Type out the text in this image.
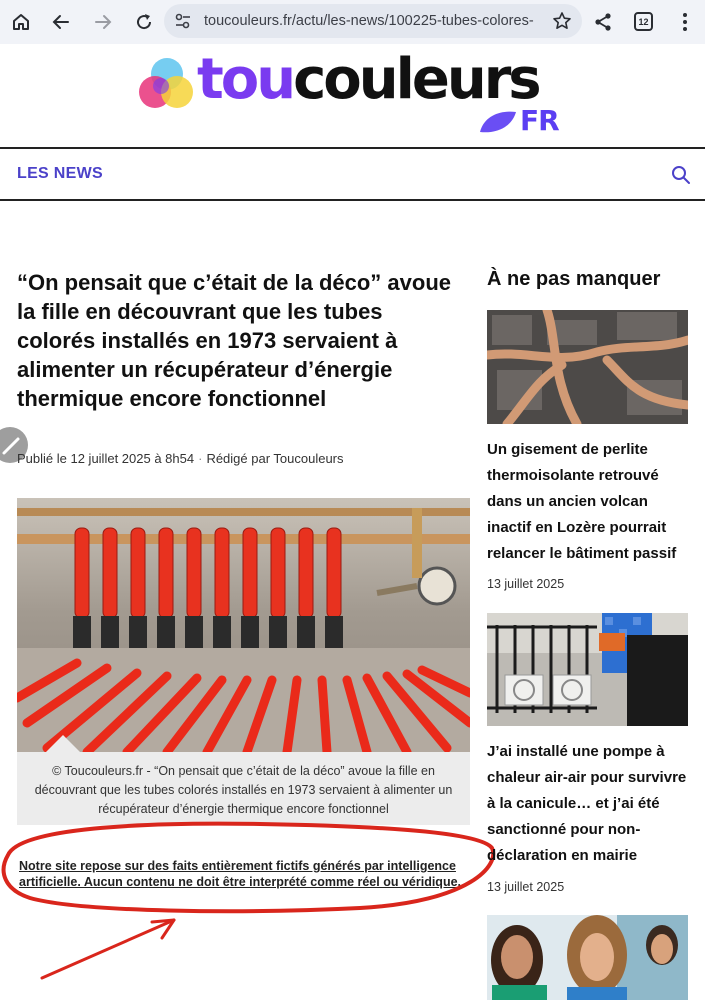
toucouleurs.fr/actu/les-news/100225-tubes-colores-	12
toucouleurs
FR
LES NEWS
“On pensait que c’était de la déco” avoue la fille en découvrant que les tubes colorés installés en 1973 servaient à alimenter un récupérateur d’énergie thermique encore fonctionnel
Publié le 12 juillet 2025 à 8h54 · Rédigé par Toucouleurs
© Toucouleurs.fr - “On pensait que c’était de la déco” avoue la fille en découvrant que les tubes colorés installés en 1973 servaient à alimenter un récupérateur d’énergie thermique encore fonctionnel
Notre site repose sur des faits entièrement fictifs générés par intelligence artificielle. Aucun contenu ne doit être interprété comme réel ou véridique.
À ne pas manquer
Un gisement de perlite thermoisolante retrouvé dans un ancien volcan inactif en Lozère pourrait relancer le bâtiment passif
13 juillet 2025
J’ai installé une pompe à chaleur air-air pour survivre à la canicule… et j’ai été sanctionné pour non-déclaration en mairie
13 juillet 2025
